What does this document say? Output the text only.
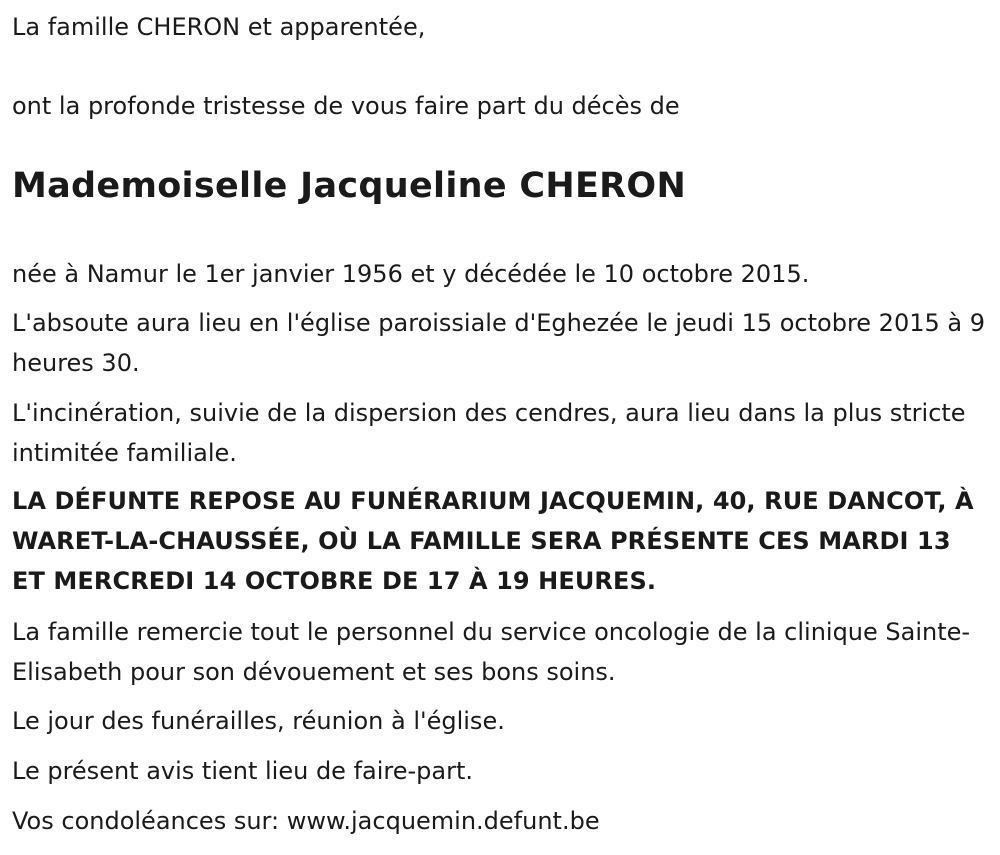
La famille CHERON et apparentée,

ont la profonde tristesse de vous faire part du décès de

Mademoiselle Jacqueline CHERON

née à Namur le 1er janvier 1956 et y décédée le 10 octobre 2015.

L'absoute aura lieu en l'église paroissiale d'Eghezée le jeudi 15 octobre 2015 à 9 heures 30.

L'incinération, suivie de la dispersion des cendres, aura lieu dans la plus stricte intimitée familiale.

LA DÉFUNTE REPOSE AU FUNÉRARIUM JACQUEMIN, 40, RUE DANCOT, À WARET-LA-CHAUSSÉE, OÙ LA FAMILLE SERA PRÉSENTE CES MARDI 13 ET MERCREDI 14 OCTOBRE DE 17 À 19 HEURES.

La famille remercie tout le personnel du service oncologie de la clinique Sainte-Elisabeth pour son dévouement et ses bons soins.

Le jour des funérailles, réunion à l'église.

Le présent avis tient lieu de faire-part.

Vos condoléances sur: www.jacquemin.defunt.be
